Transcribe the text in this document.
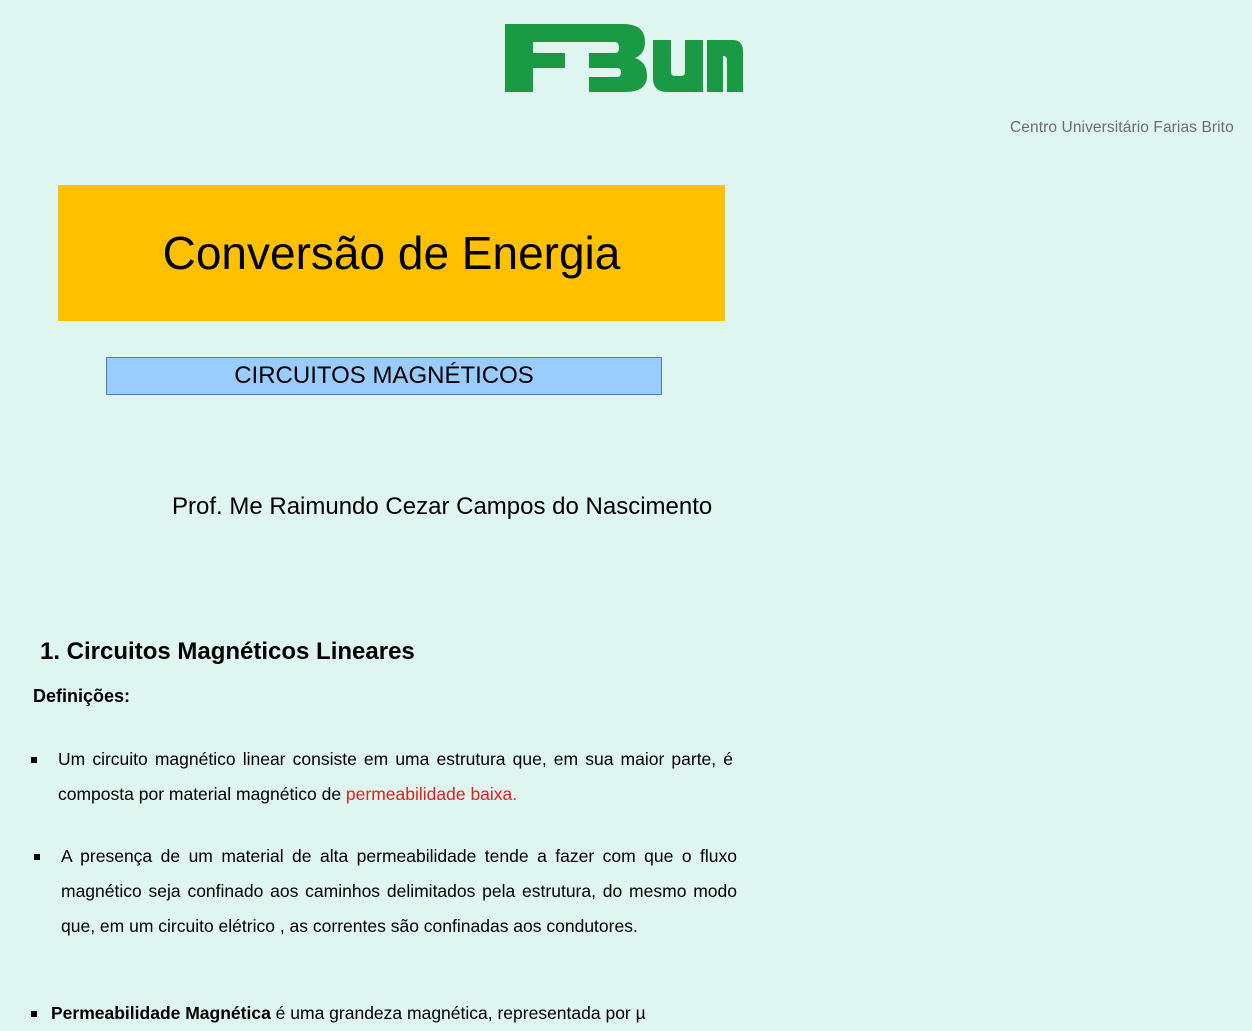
Centro Universitário Farias Brito
Conversão de Energia
CIRCUITOS MAGNÉTICOS
Prof. Me Raimundo Cezar Campos do Nascimento
1. Circuitos Magnéticos Lineares
Definições:
Um circuito magnético linear consiste em uma estrutura que, em sua maior parte, é composta por material magnético de permeabilidade baixa.
A presença de um material de alta permeabilidade tende a fazer com que o fluxo magnético seja confinado aos caminhos delimitados pela estrutura, do mesmo modo que, em um circuito elétrico , as correntes são confinadas aos condutores.
Permeabilidade Magnética é uma grandeza magnética, representada por µ
